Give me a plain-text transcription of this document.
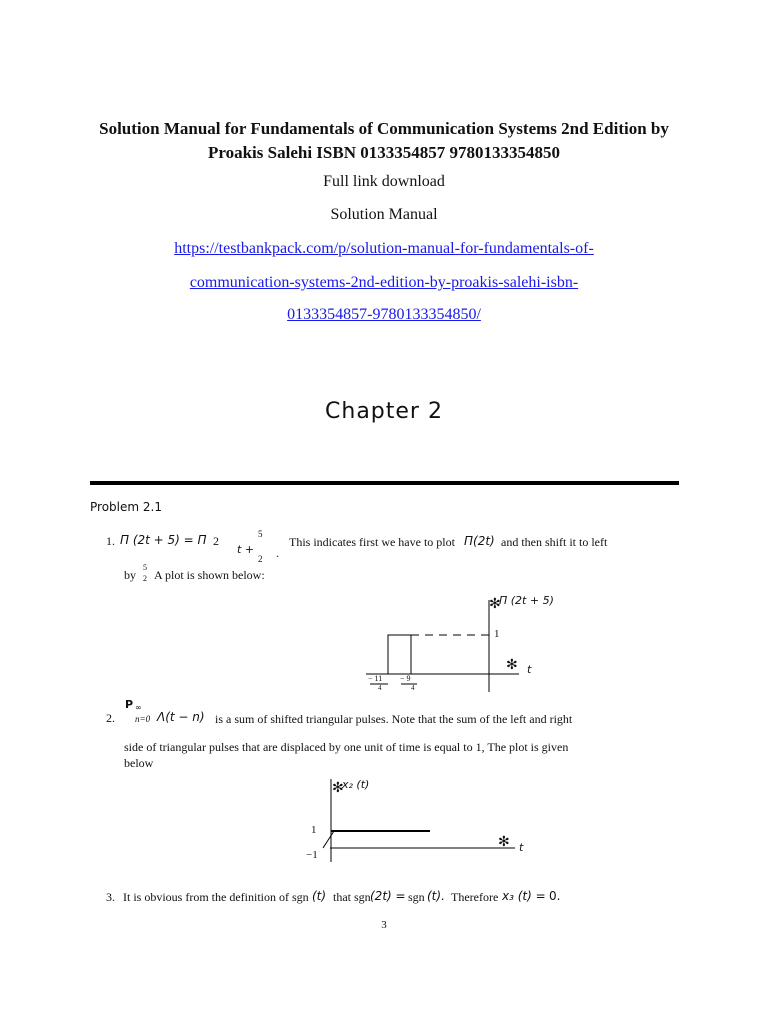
Solution Manual for Fundamentals of Communication Systems 2nd Edition by
Proakis Salehi ISBN 0133354857 9780133354850
Full link download
Solution Manual
https://testbankpack.com/p/solution-manual-for-fundamentals-of-
communication-systems-2nd-edition-by-proakis-salehi-isbn-
0133354857-9780133354850/
Chapter 2
Problem 2.1
1. Π (2t + 5) = Π 2	5
t +
2 .
This indicates first we have to plot Π(2t) and then shift it to left
by
5
2 A plot is shown below:
✻
Π (2t + 5)
1
✻ t
− 11
4
− 9
4
P ∞
2. n=0 Λ(t − n) is a sum of shifted triangular pulses. Note that the sum of the left and right
side of triangular pulses that are displaced by one unit of time is equal to 1, The plot is given
below
✻
x₂ (t)
1
−1
✻ t
3. It is obvious from the definition of sgn (t) that sgn (2t) = sgn (t). Therefore x₃ (t) = 0.
3
